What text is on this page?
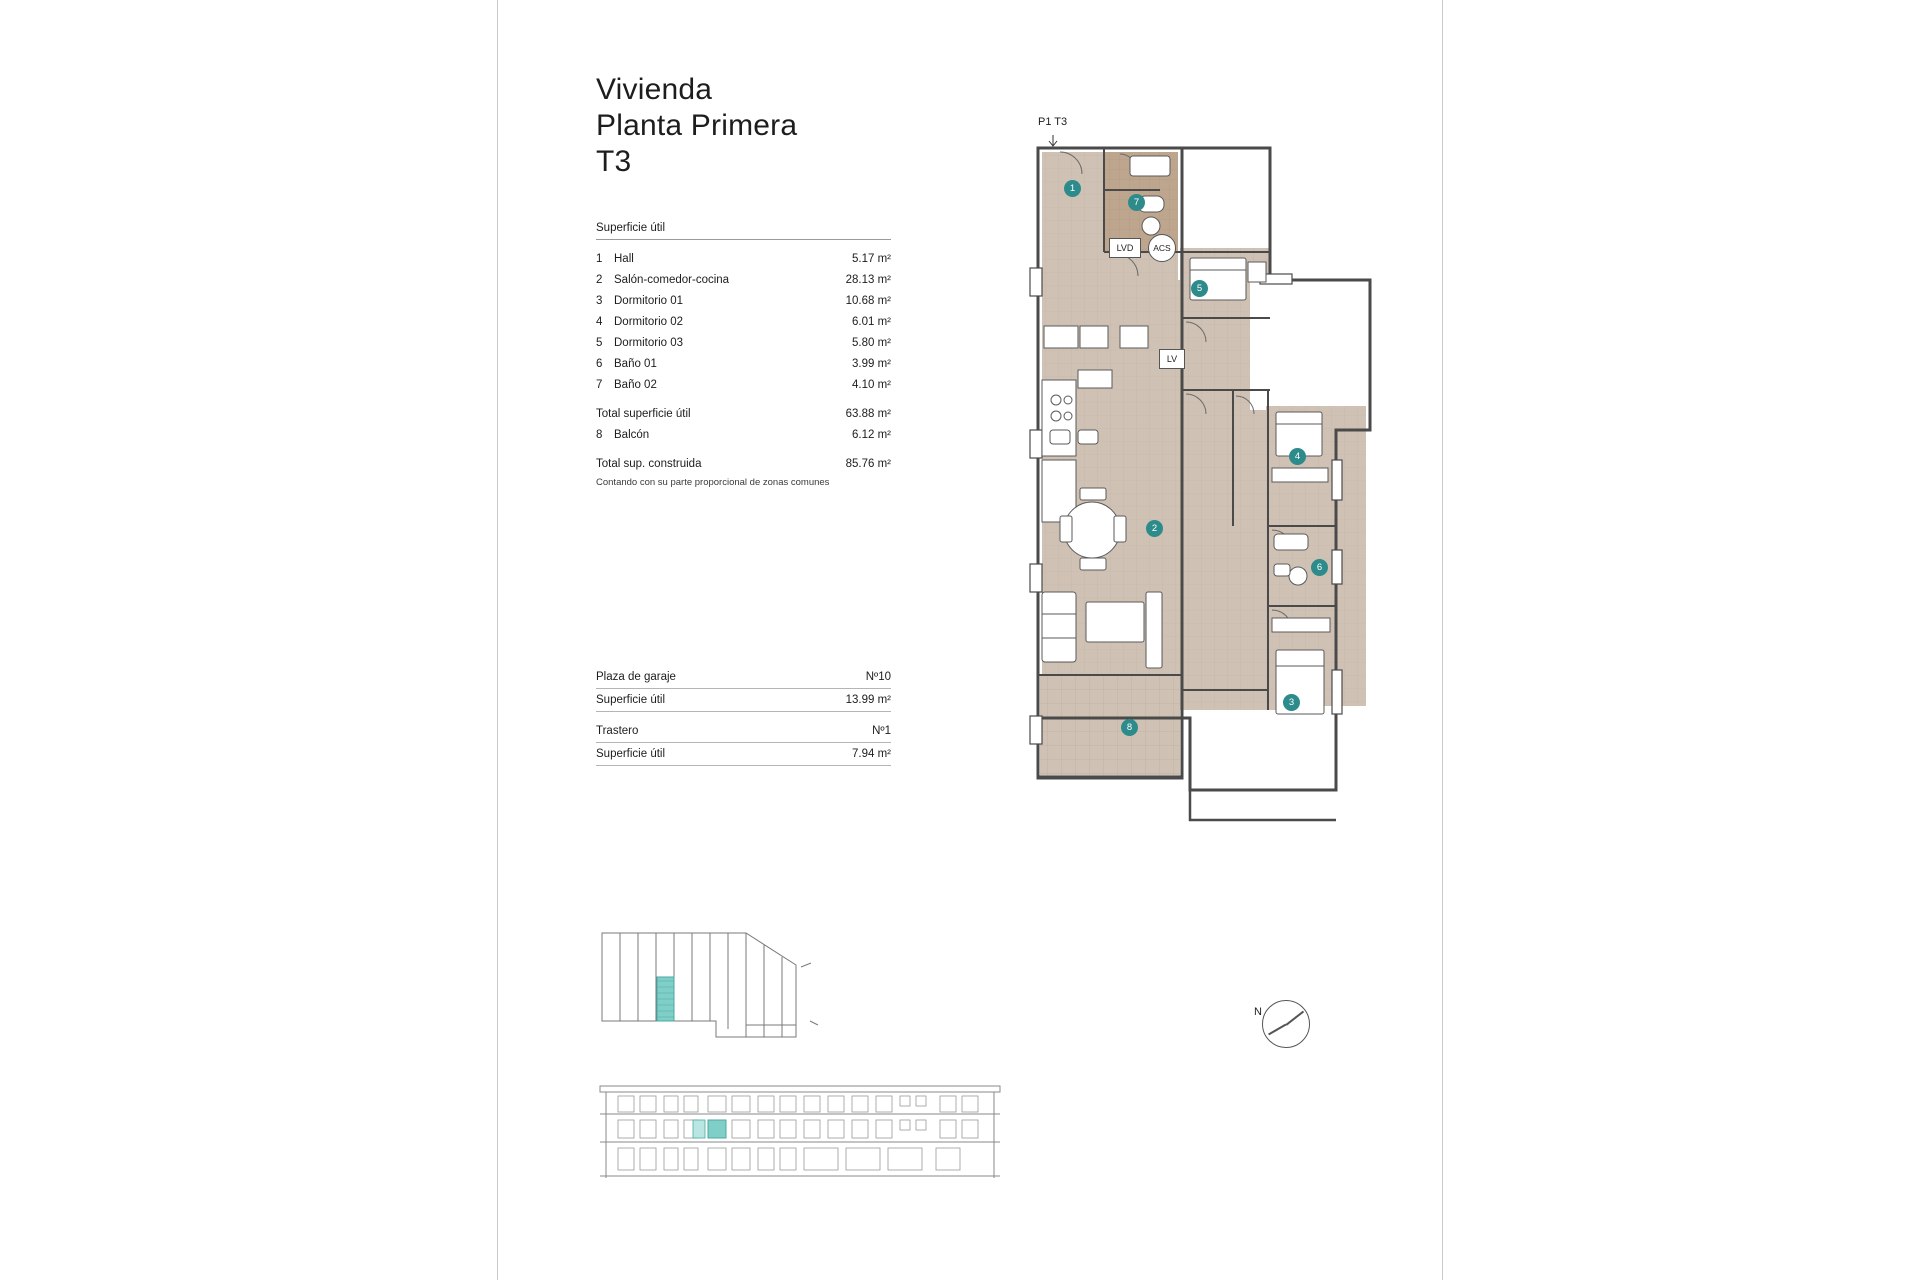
Vivienda
Planta Primera
T3
Superficie útil
1	Hall	5.17 m²
2	Salón-comedor-cocina	28.13 m²
3	Dormitorio 01	10.68 m²
4	Dormitorio 02	6.01 m²
5	Dormitorio 03	5.80 m²
6	Baño 01	3.99 m²
7	Baño 02	4.10 m²
Total superficie útil	63.88 m²
8	Balcón	6.12 m²
Total sup. construida	85.76 m²
Contando con su parte proporcional de zonas comunes
Plaza de garaje	Nº10
Superficie útil	13.99 m²
Trastero	Nº1
Superficie útil	7.94 m²
P1 T3
1
7
5
4
2
6
3
8
LVD	ACS
LV
N
